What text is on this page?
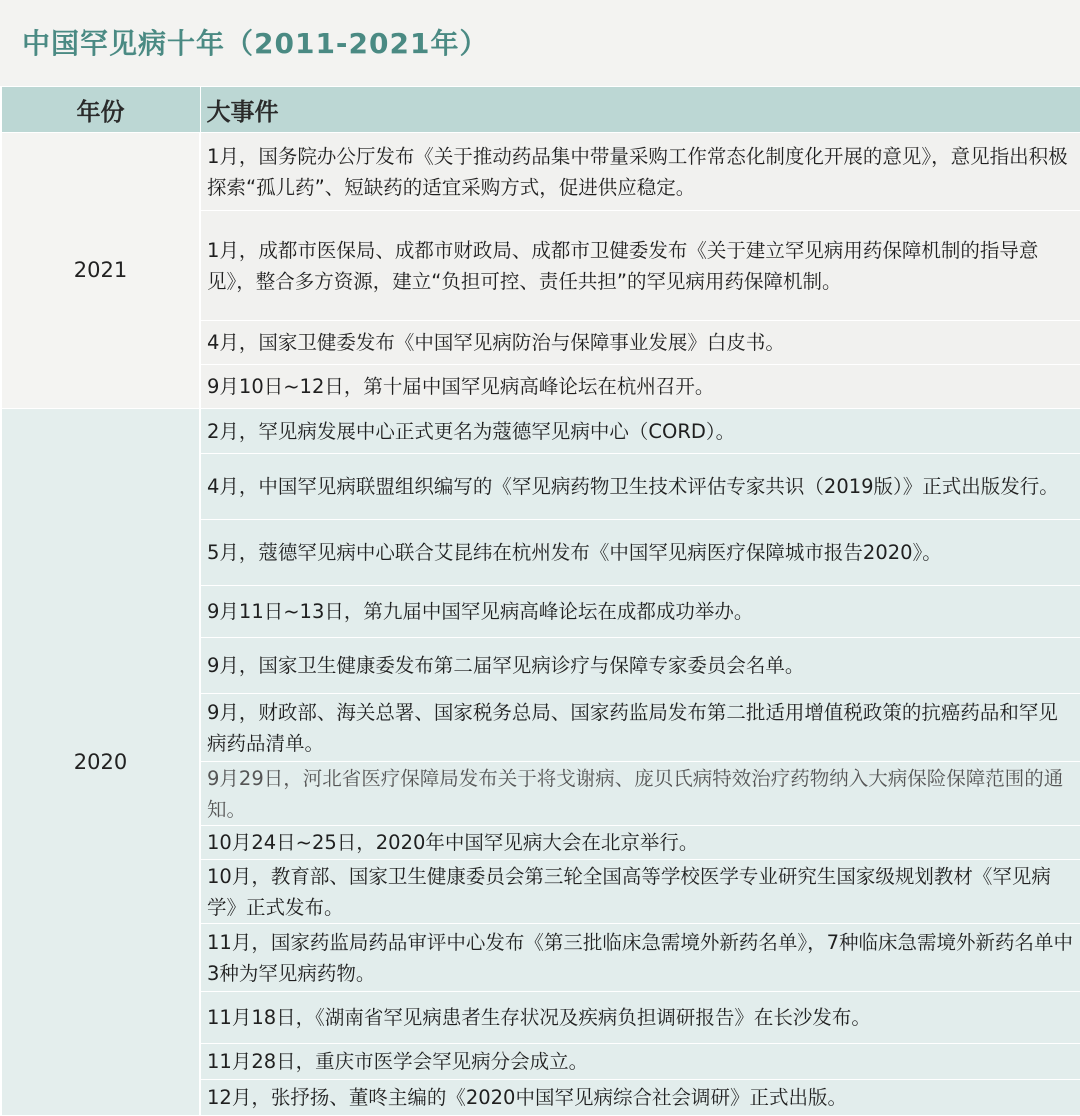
中国罕见病十年（2011-2021年）
年份	大事件
2021	1月，国务院办公厅发布《关于推动药品集中带量采购工作常态化制度化开展的意见》，意见指出积极探索“孤儿药”、短缺药的适宜采购方式，促进供应稳定。
	1月，成都市医保局、成都市财政局、成都市卫健委发布《关于建立罕见病用药保障机制的指导意见》，整合多方资源，建立“负担可控、责任共担”的罕见病用药保障机制。
	4月，国家卫健委发布《中国罕见病防治与保障事业发展》白皮书。
	9月10日~12日，第十届中国罕见病高峰论坛在杭州召开。
2020	2月，罕见病发展中心正式更名为蔻德罕见病中心（CORD）。
	4月，中国罕见病联盟组织编写的《罕见病药物卫生技术评估专家共识（2019版）》正式出版发行。
	5月，蔻德罕见病中心联合艾昆纬在杭州发布《中国罕见病医疗保障城市报告2020》。
	9月11日~13日，第九届中国罕见病高峰论坛在成都成功举办。
	9月，国家卫生健康委发布第二届罕见病诊疗与保障专家委员会名单。
	9月，财政部、海关总署、国家税务总局、国家药监局发布第二批适用增值税政策的抗癌药品和罕见病药品清单。
	9月29日，河北省医疗保障局发布关于将戈谢病、庞贝氏病特效治疗药物纳入大病保险保障范围的通知。
	10月24日~25日，2020年中国罕见病大会在北京举行。
	10月，教育部、国家卫生健康委员会第三轮全国高等学校医学专业研究生国家级规划教材《罕见病学》正式发布。
	11月，国家药监局药品审评中心发布《第三批临床急需境外新药名单》，7种临床急需境外新药名单中3种为罕见病药物。
	11月18日，《湖南省罕见病患者生存状况及疾病负担调研报告》在长沙发布。
	11月28日，重庆市医学会罕见病分会成立。
	12月，张抒扬、董咚主编的《2020中国罕见病综合社会调研》正式出版。
